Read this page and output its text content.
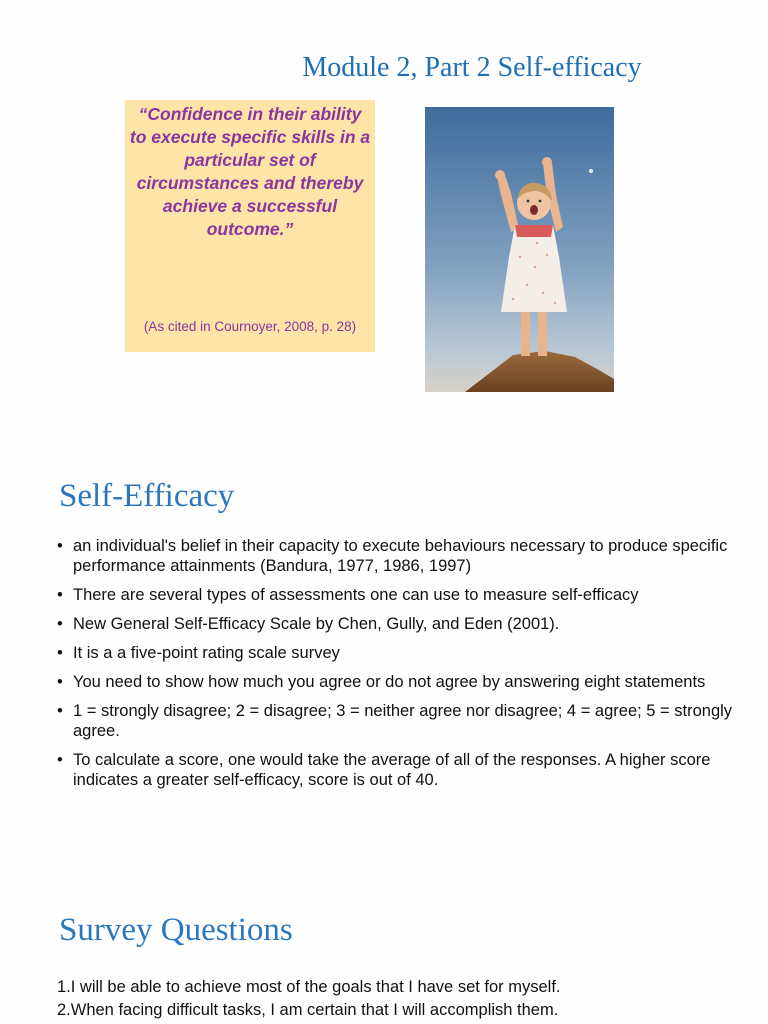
Module 2, Part 2 Self-efficacy

“Confidence in their ability to execute specific skills in a particular set of circumstances and thereby achieve a successful outcome.”

(As cited in Cournoyer, 2008, p. 28)

Self-Efficacy
• an individual's belief in their capacity to execute behaviours necessary to produce specific performance attainments (Bandura, 1977, 1986, 1997)
• There are several types of assessments one can use to measure self-efficacy
• New General Self-Efficacy Scale by Chen, Gully, and Eden (2001).
• It is a a five-point rating scale survey
• You need to show how much you agree or do not agree by answering eight statements
• 1 = strongly disagree; 2 = disagree; 3 = neither agree nor disagree; 4 = agree; 5 = strongly agree.
• To calculate a score, one would take the average of all of the responses. A higher score indicates a greater self-efficacy, score is out of 40.
Survey Questions
1.I will be able to achieve most of the goals that I have set for myself.
2.When facing difficult tasks, I am certain that I will accomplish them.
